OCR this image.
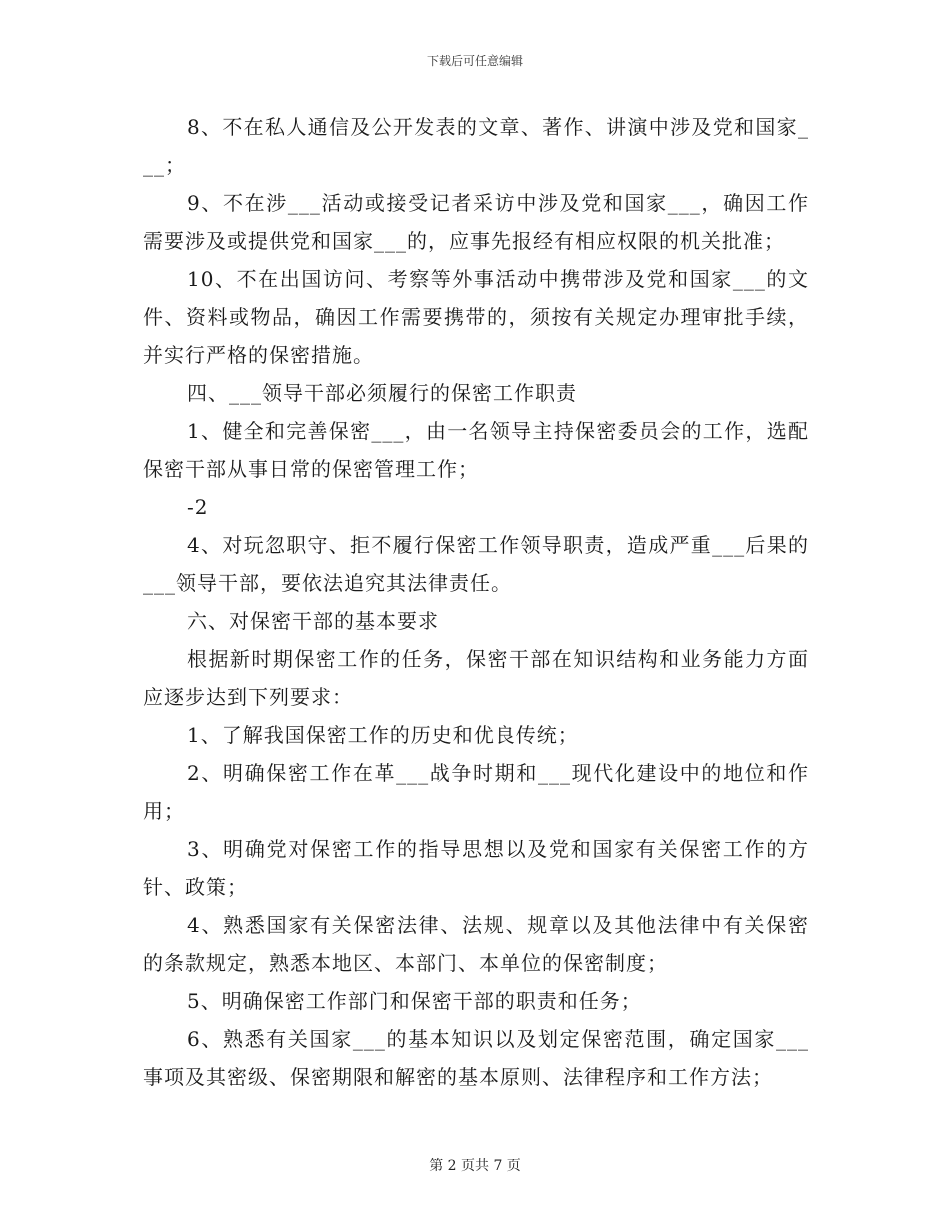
下载后可任意编辑

8、不在私人通信及公开发表的文章、著作、讲演中涉及党和国家___；

9、不在涉___活动或接受记者采访中涉及党和国家___，确因工作需要涉及或提供党和国家___的，应事先报经有相应权限的机关批准；

10、不在出国访问、考察等外事活动中携带涉及党和国家___的文件、资料或物品，确因工作需要携带的，须按有关规定办理审批手续，并实行严格的保密措施。

四、___领导干部必须履行的保密工作职责

1、健全和完善保密___，由一名领导主持保密委员会的工作，选配保密干部从事日常的保密管理工作；

-2

4、对玩忽职守、拒不履行保密工作领导职责，造成严重___后果的___领导干部，要依法追究其法律责任。

六、对保密干部的基本要求

根据新时期保密工作的任务，保密干部在知识结构和业务能力方面应逐步达到下列要求：

1、了解我国保密工作的历史和优良传统；

2、明确保密工作在革___战争时期和___现代化建设中的地位和作用；

3、明确党对保密工作的指导思想以及党和国家有关保密工作的方针、政策；

4、熟悉国家有关保密法律、法规、规章以及其他法律中有关保密的条款规定，熟悉本地区、本部门、本单位的保密制度；

5、明确保密工作部门和保密干部的职责和任务；

6、熟悉有关国家___的基本知识以及划定保密范围，确定国家___事项及其密级、保密期限和解密的基本原则、法律程序和工作方法；

第 2 页共 7 页
